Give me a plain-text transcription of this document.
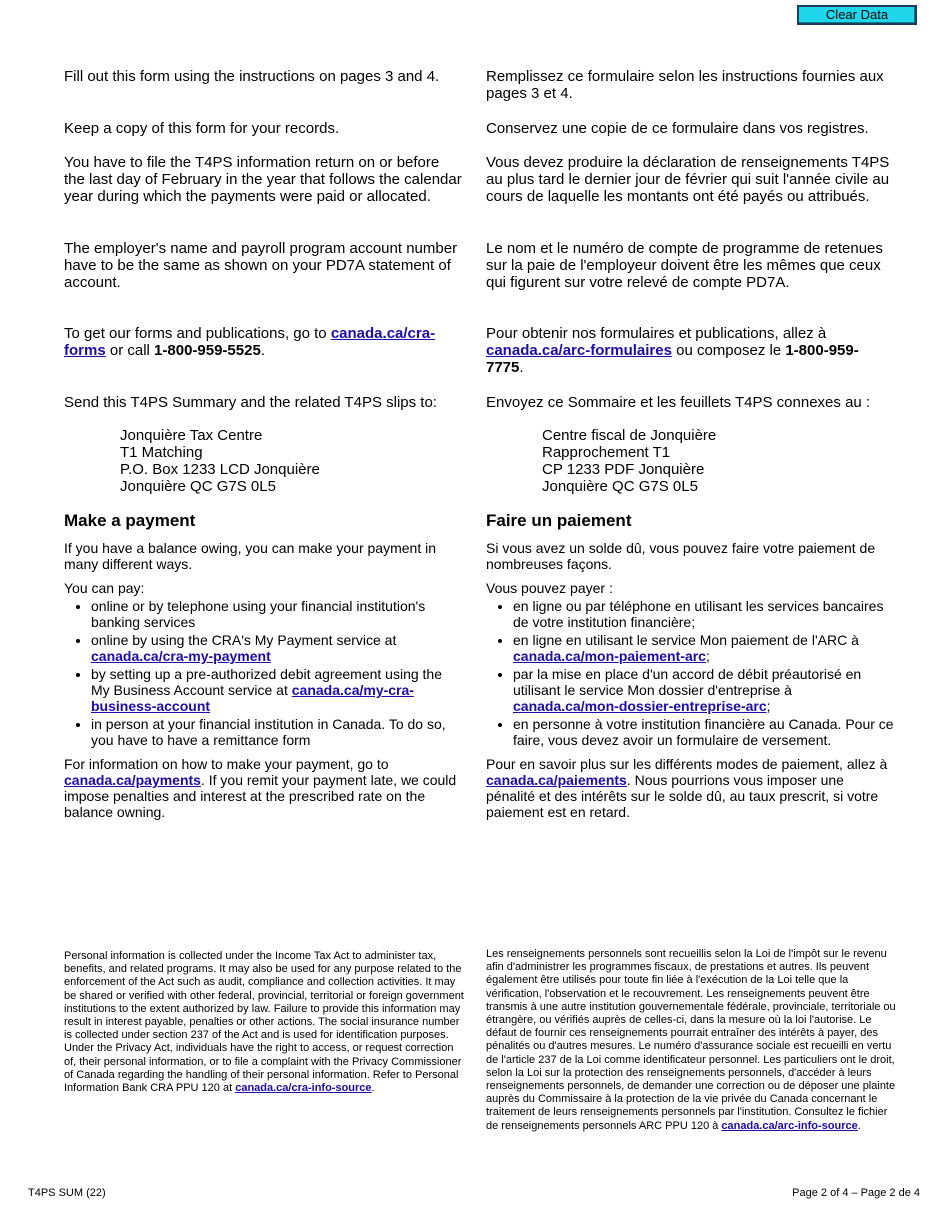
Clear Data

Fill out this form using the instructions on pages 3 and 4.

Keep a copy of this form for your records.

You have to file the T4PS information return on or before the last day of February in the year that follows the calendar year during which the payments were paid or allocated.

The employer's name and payroll program account number have to be the same as shown on your PD7A statement of account.

To get our forms and publications, go to canada.ca/cra-forms or call 1-800-959-5525.

Send this T4PS Summary and the related T4PS slips to:

Jonquière Tax Centre
T1 Matching
P.O. Box 1233 LCD Jonquière
Jonquière QC G7S 0L5
Make a payment

If you have a balance owing, you can make your payment in many different ways.

You can pay:

• online or by telephone using your financial institution's banking services
• online by using the CRA's My Payment service at canada.ca/cra-my-payment
• by setting up a pre-authorized debit agreement using the My Business Account service at canada.ca/my-cra-business-account
• in person at your financial institution in Canada. To do so, you have to have a remittance form

For information on how to make your payment, go to canada.ca/payments. If you remit your payment late, we could impose penalties and interest at the prescribed rate on the balance owning.

Personal information is collected under the Income Tax Act to administer tax, benefits, and related programs. It may also be used for any purpose related to the enforcement of the Act such as audit, compliance and collection activities. It may be shared or verified with other federal, provincial, territorial or foreign government institutions to the extent authorized by law. Failure to provide this information may result in interest payable, penalties or other actions. The social insurance number is collected under section 237 of the Act and is used for identification purposes. Under the Privacy Act, individuals have the right to access, or request correction of, their personal information, or to file a complaint with the Privacy Commissioner of Canada regarding the handling of their personal information. Refer to Personal Information Bank CRA PPU 120 at canada.ca/cra-info-source.

Remplissez ce formulaire selon les instructions fournies aux pages 3 et 4.

Conservez une copie de ce formulaire dans vos registres.

Vous devez produire la déclaration de renseignements T4PS au plus tard le dernier jour de février qui suit l'année civile au cours de laquelle les montants ont été payés ou attribués.

Le nom et le numéro de compte de programme de retenues sur la paie de l'employeur doivent être les mêmes que ceux qui figurent sur votre relevé de compte PD7A.

Pour obtenir nos formulaires et publications, allez à canada.ca/arc-formulaires ou composez le 1-800-959-7775.

Envoyez ce Sommaire et les feuillets T4PS connexes au :

Centre fiscal de Jonquière
Rapprochement T1
CP 1233 PDF Jonquière
Jonquière QC G7S 0L5
Faire un paiement

Si vous avez un solde dû, vous pouvez faire votre paiement de nombreuses façons.

Vous pouvez payer :

• en ligne ou par téléphone en utilisant les services bancaires de votre institution financière;
• en ligne en utilisant le service Mon paiement de l'ARC à canada.ca/mon-paiement-arc;
• par la mise en place d'un accord de débit préautorisé en utilisant le service Mon dossier d'entreprise à canada.ca/mon-dossier-entreprise-arc;
• en personne à votre institution financière au Canada. Pour ce faire, vous devez avoir un formulaire de versement.

Pour en savoir plus sur les différents modes de paiement, allez à canada.ca/paiements. Nous pourrions vous imposer une pénalité et des intérêts sur le solde dû, au taux prescrit, si votre paiement est en retard.

Les renseignements personnels sont recueillis selon la Loi de l'impôt sur le revenu afin d'administrer les programmes fiscaux, de prestations et autres. Ils peuvent également être utilisés pour toute fin liée à l'exécution de la Loi telle que la vérification, l'observation et le recouvrement. Les renseignements peuvent être transmis à une autre institution gouvernementale fédérale, provinciale, territoriale ou étrangère, ou vérifiés auprès de celles-ci, dans la mesure où la loi l'autorise. Le défaut de fournir ces renseignements pourrait entraîner des intérêts à payer, des pénalités ou d'autres mesures. Le numéro d'assurance sociale est recueilli en vertu de l'article 237 de la Loi comme identificateur personnel. Les particuliers ont le droit, selon la Loi sur la protection des renseignements personnels, d'accéder à leurs renseignements personnels, de demander une correction ou de déposer une plainte auprès du Commissaire à la protection de la vie privée du Canada concernant le traitement de leurs renseignements personnels par l'institution. Consultez le fichier de renseignements personnels ARC PPU 120 à canada.ca/arc-info-source.

T4PS SUM (22)	Page 2 of 4 – Page 2 de 4
